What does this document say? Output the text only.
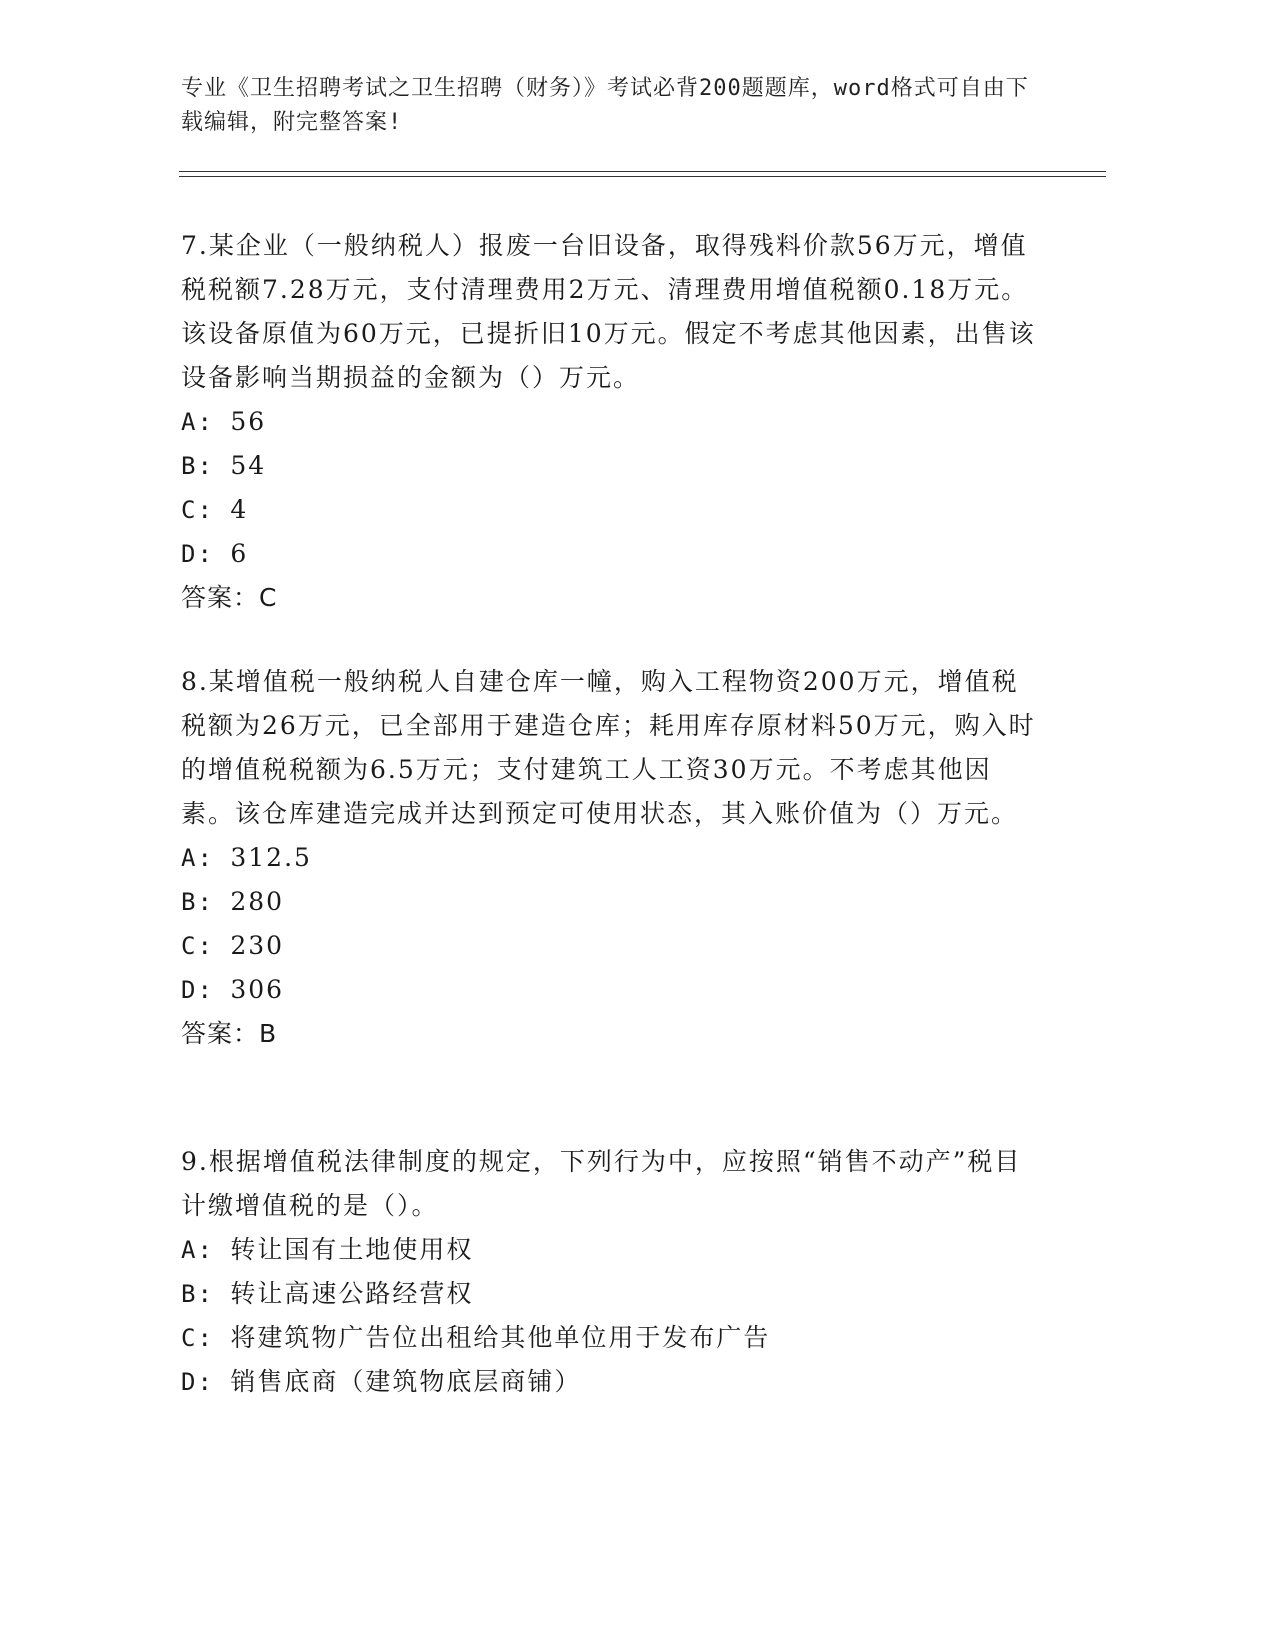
专业《卫生招聘考试之卫生招聘（财务）》考试必背200题题库，word格式可自由下载编辑，附完整答案!

7.某企业（一般纳税人）报废一台旧设备，取得残料价款56万元，增值税税额7.28万元，支付清理费用2万元、清理费用增值税额0.18万元。该设备原值为60万元，已提折旧10万元。假定不考虑其他因素，出售该设备影响当期损益的金额为（）万元。

A: 56

B: 54

C: 4

D: 6

答案：C

8.某增值税一般纳税人自建仓库一幢，购入工程物资200万元，增值税税额为26万元，已全部用于建造仓库；耗用库存原材料50万元，购入时的增值税税额为6.5万元；支付建筑工人工资30万元。不考虑其他因素。该仓库建造完成并达到预定可使用状态，其入账价值为（）万元。

A: 312.5

B: 280

C: 230

D: 306

答案：B

9.根据增值税法律制度的规定，下列行为中，应按照“销售不动产”税目计缴增值税的是（）。

A: 转让国有土地使用权

B: 转让高速公路经营权

C: 将建筑物广告位出租给其他单位用于发布广告

D: 销售底商（建筑物底层商铺）
